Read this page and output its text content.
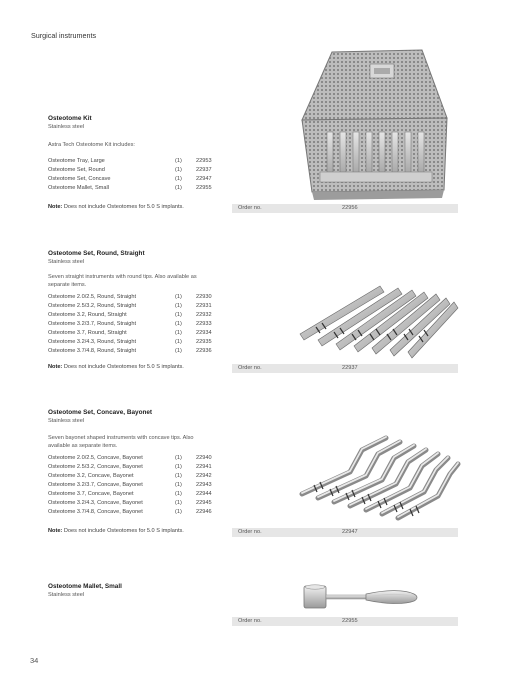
Surgical instruments
Osteotome Kit
Stainless steel
Astra Tech Osteotome Kit includes:
Osteotome Tray, Large	(1)	22953
Osteotome Set, Round	(1)	22937
Osteotome Set, Concave	(1)	22947
Osteotome Mallet, Small	(1)	22955
Note: Does not include Osteotomes for 5.0 S implants.	Order no.	22956
Osteotome Set, Round, Straight
Stainless steel
Seven straight instruments with round tips. Also available as separate items.
Osteotome 2.0/2.5, Round, Straight	(1)	22930
Osteotome 2.5/3.2, Round, Straight	(1)	22931
Osteotome 3.2, Round, Straight	(1)	22932
Osteotome 3.2/3.7, Round, Straight	(1)	22933
Osteotome 3.7, Round, Straight	(1)	22934
Osteotome 3.2/4.3, Round, Straight	(1)	22935
Osteotome 3.7/4.8, Round, Straight	(1)	22936
Note: Does not include Osteotomes for 5.0 S implants.	Order no.	22937
Osteotome Set, Concave, Bayonet
Stainless steel
Seven bayonet shaped instruments with concave tips. Also available as separate items.
Osteotome 2.0/2.5, Concave, Bayonet	(1)	22940
Osteotome 2.5/3.2, Concave, Bayonet	(1)	22941
Osteotome 3.2, Concave, Bayonet	(1)	22942
Osteotome 3.2/3.7, Concave, Bayonet	(1)	22943
Osteotome 3.7, Concave, Bayonet	(1)	22944
Osteotome 3.2/4.3, Concave, Bayonet	(1)	22945
Osteotome 3.7/4.8, Concave, Bayonet	(1)	22946
Note: Does not include Osteotomes for 5.0 S implants.	Order no.	22947
Osteotome Mallet, Small
Stainless steel
Order no.	22955
34
